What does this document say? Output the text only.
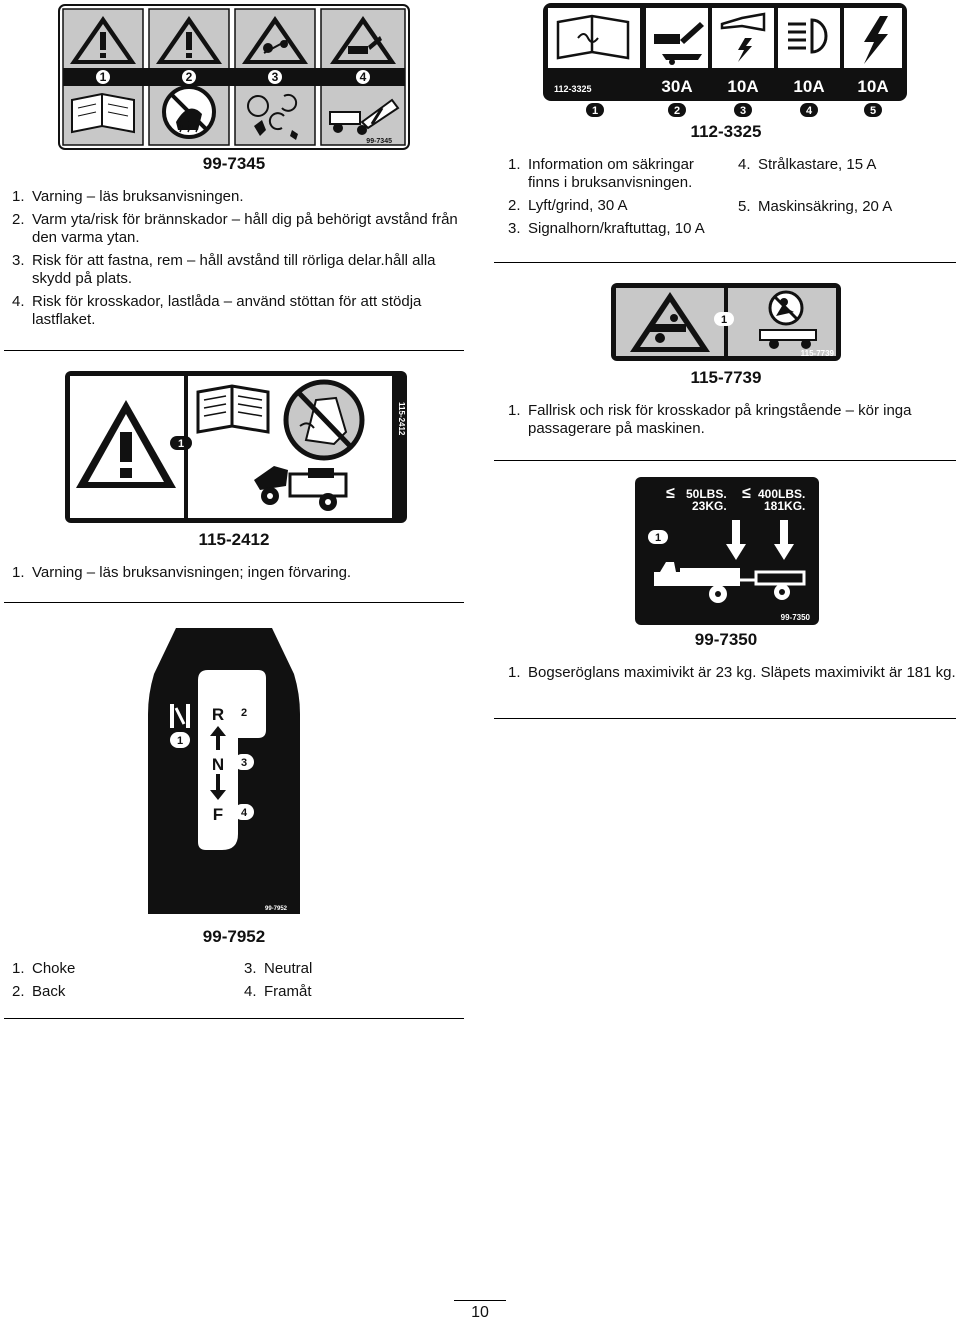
1	2	3	4
99-7345
99-7345
1. Varning – läs bruksanvisningen.
2. Varm yta/risk för brännskador – håll dig på behörigt avstånd från den varma ytan.
3. Risk för att fastna, rem – håll avstånd till rörliga delar.håll alla skydd på plats.
4. Risk för krosskador, lastlåda – använd stöttan för att stödja lastflaket.
30A 10A 10A 10A
112-3325
1	2	3	4	5
112-3325
1. Information om säkringar finns i bruksanvisningen.
2. Lyft/grind, 30 A
3. Signalhorn/kraftuttag, 10 A
4. Strålkastare, 15 A
5. Maskinsäkring, 20 A
1
115-7739
115-7739
1. Fallrisk och risk för krosskador på kringstående – kör inga passagerare på maskinen.
1
115-2412
115-2412
1. Varning – läs bruksanvisningen; ingen förvaring.
≤ 50LBS.
23KG.
≤ 400LBS.
181KG.
1
99-7350
99-7350
1. Bogseröglans maximivikt är 23 kg. Släpets maximivikt är 181 kg.
1
R
N
F
2
3
4
99-7952
99-7952
1. Choke
2. Back
3. Neutral
4. Framåt
10
